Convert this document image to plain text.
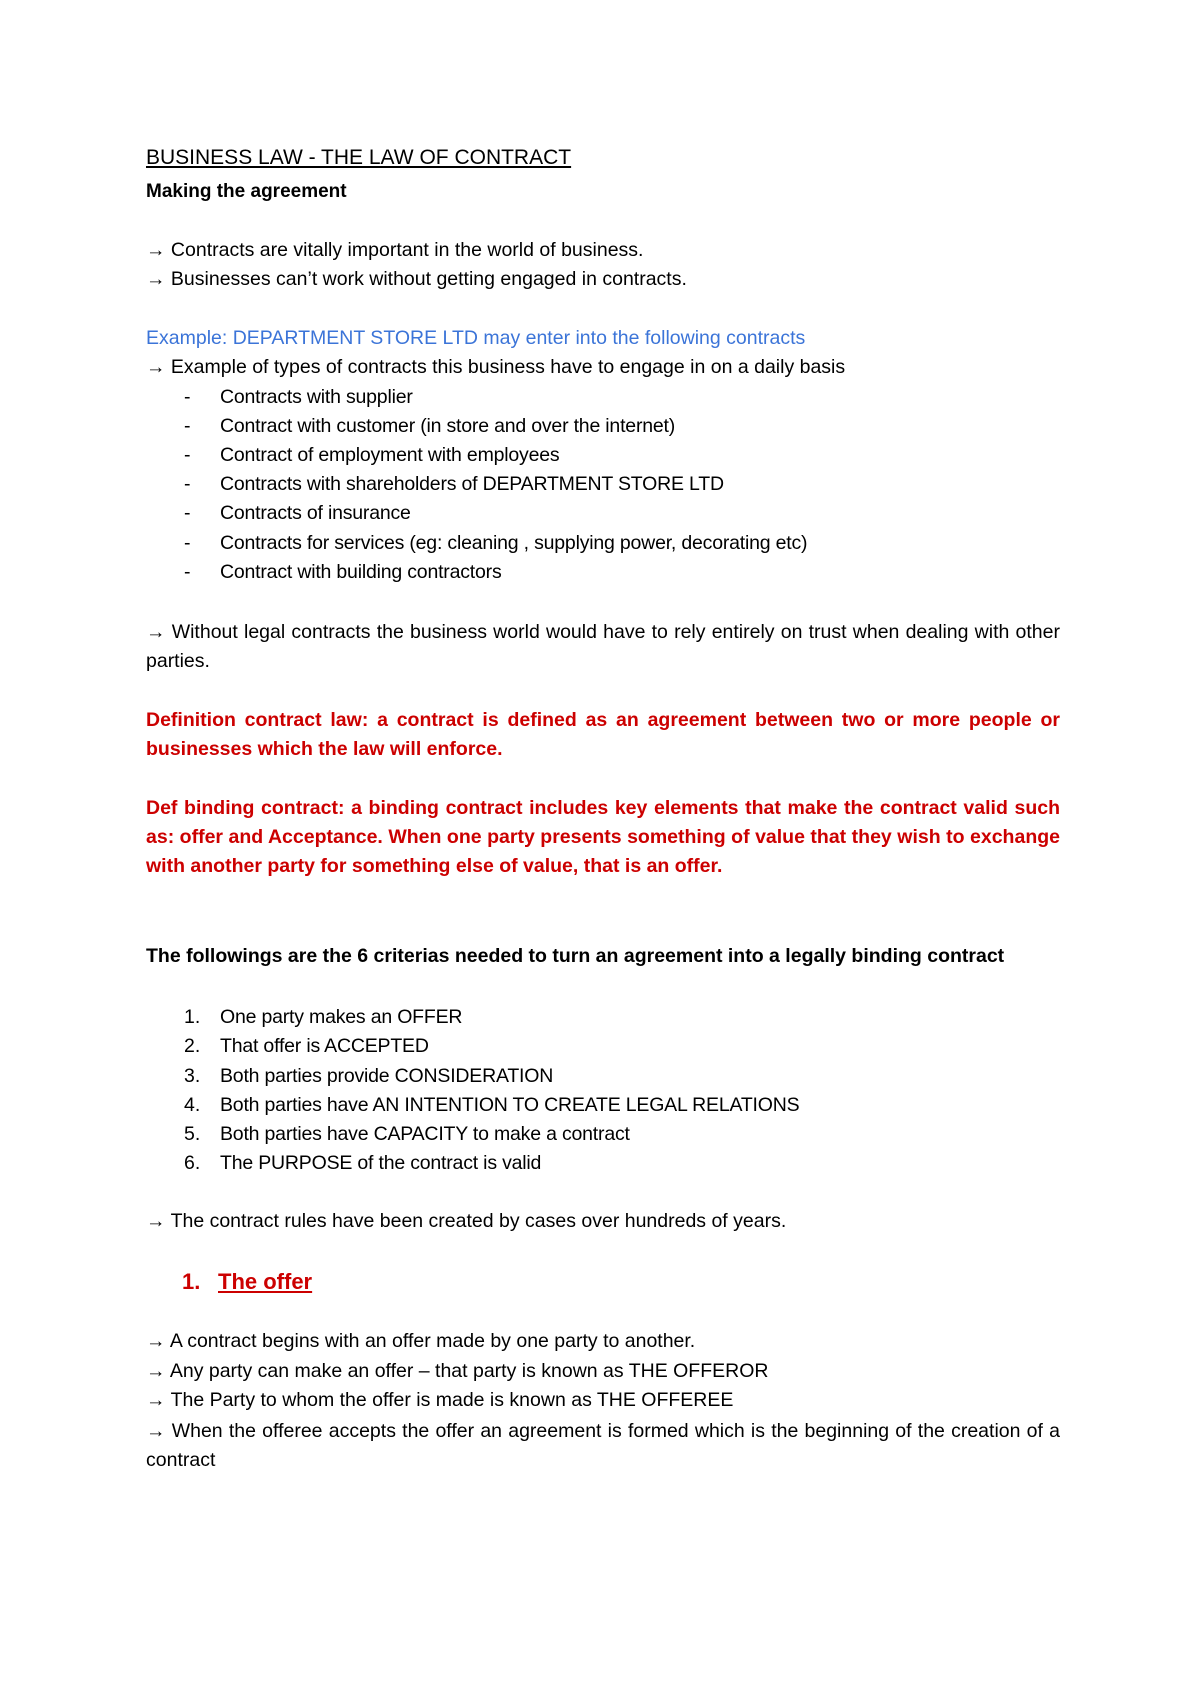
BUSINESS LAW - THE LAW OF CONTRACT
Making the agreement
→ Contracts are vitally important in the world of business.
→ Businesses can’t work without getting engaged in contracts.
Example: DEPARTMENT STORE LTD may enter into the following contracts
→ Example of types of contracts this business have to engage in on a daily basis
- Contracts with supplier
- Contract with customer (in store and over the internet)
- Contract of employment with employees
- Contracts with shareholders of DEPARTMENT STORE LTD
- Contracts of insurance
- Contracts for services (eg: cleaning , supplying power, decorating etc)
- Contract with building contractors
→ Without legal contracts the business world would have to rely entirely on trust when dealing with other parties.
Definition contract law: a contract is defined as an agreement between two or more people or businesses which the law will enforce.
Def binding contract: a binding contract includes key elements that make the contract valid such as: offer and Acceptance. When one party presents something of value that they wish to exchange with another party for something else of value, that is an offer.
The followings are the 6 criterias needed to turn an agreement into a legally binding contract
1. One party makes an OFFER
2. That offer is ACCEPTED
3. Both parties provide CONSIDERATION
4. Both parties have AN INTENTION TO CREATE LEGAL RELATIONS
5. Both parties have CAPACITY to make a contract
6. The PURPOSE of the contract is valid
→ The contract rules have been created by cases over hundreds of years.
1. The offer
→ A contract begins with an offer made by one party to another.
→ Any party can make an offer – that party is known as THE OFFEROR
→ The Party to whom the offer is made is known as THE OFFEREE
→ When the offeree accepts the offer an agreement is formed which is the beginning of the creation of a contract
